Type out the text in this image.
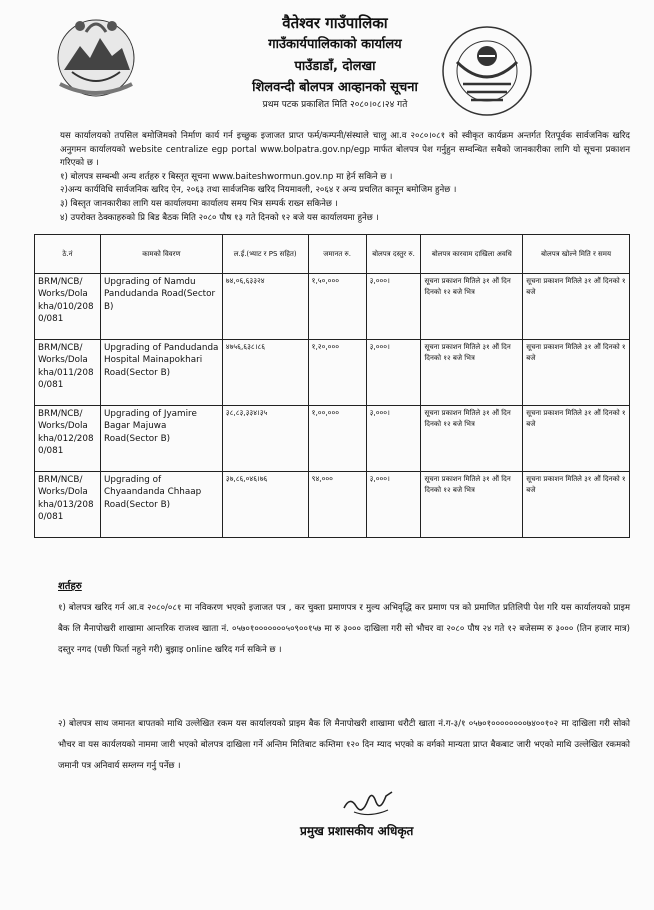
वैतेश्वर गाउँपालिका
गाउँकार्यपालिकाको कार्यालय
पाउँडाडाँ, दोलखा
शिलवन्दी बोलपत्र आव्हानको सूचना
प्रथम पटक प्रकाशित मिति २०८०।०८।२४ गते

यस कार्यालयको तपसिल बमोजिमको निर्माण कार्य गर्न इच्छुक इजाजत प्राप्त फर्म/कम्पनी/संस्थाले चालु आ.व २०८०।०८१ को स्वीकृत कार्यक्रम अन्तर्गत रितपूर्वक सार्वजनिक खरिद अनुगमन कार्यालयको website centralize egp portal www.bolpatra.gov.np/egp मार्फत बोलपत्र पेश गर्नुहुन सम्वन्धित सबैको जानकारीका लागि यो सूचना प्रकाशन गरिएको छ ।

१) बोलपत्र सम्बन्धी अन्य शर्तहरु र बिस्तृत सूचना www.baiteshwormun.gov.np मा हेर्न सकिने छ ।

२)अन्य कार्यविधि सार्वजनिक खरिद ऐन, २०६३ तथा सार्वजनिक खरिद नियमावली, २०६४ र अन्य प्रचलित कानून बमोजिम हुनेछ ।

३) बिस्तृत जानकारीका लागि यस कार्यालयमा कार्यालय समय भित्र सम्पर्क राख्न सकिनेछ ।

४) उपरोक्त ठेक्काहरुको प्रि बिड बैठक मिति २०८० पौष १३ गते दिनको १२ बजे यस कार्यालयमा हुनेछ ।

ठे.नं	कामको विवरण	ल.ई.(भ्याट र PS सहित)	जमानत रु.	बोलपत्र दस्तुर रु.	बोलपत्र कारवाम दाखिला अवधि	बोलपत्र खोल्ने मिति र समय
BRM/NCB/ Works/Dola kha/010/208 0/081	Upgrading of Namdu Pandudanda Road(Sector B)	७४,०६,६३३२४	१,५०,०००	३,०००।	सूचना प्रकाशन मितिले ३१ औं दिन दिनको १२ बजे भित्र	सूचना प्रकाशन मितिले ३१ औं दिनको १ बजे
BRM/NCB/ Works/Dola kha/011/208 0/081	Upgrading of Pandudanda Hospital Mainapokhari Road(Sector B)	४७५६,६३८।८६	१,२०,०००	३,०००।	सूचना प्रकाशन मितिले ३१ औं दिन दिनको १२ बजे भित्र	सूचना प्रकाशन मितिले ३१ औं दिनको १ बजे
BRM/NCB/ Works/Dola kha/012/208 0/081	Upgrading of Jyamire Bagar Majuwa Road(Sector B)	३८,८३,३३४।३५	१,००,०००	३,०००।	सूचना प्रकाशन मितिले ३१ औं दिन दिनको १२ बजे भित्र	सूचना प्रकाशन मितिले ३१ औं दिनको १ बजे
BRM/NCB/ Works/Dola kha/013/208 0/081	Upgrading of Chyaandanda Chhaap Road(Sector B)	३७,८६,०४६।७६	९४,०००	३,०००।	सूचना प्रकाशन मितिले ३१ औं दिन दिनको १२ बजे भित्र	सूचना प्रकाशन मितिले ३१ औं दिनको १ बजे
शर्तहरु
१) बोलपत्र खरिद गर्न आ.व २०८०/०८१ मा नविकरण भएको इजाजत पत्र , कर चुक्ता प्रमाणपत्र र मुल्य अभिवृद्धि कर प्रमाण पत्र को प्रमाणित प्रतिलिपी पेश गरि यस कार्यालयको प्राइम बैक लि मैनापोखरी शाखामा आन्तरिक राजश्व खाता नं. ०५७०१०००००००५०९००१५७ मा रु ३००० दाखिला गरी सो भौचर वा २०८० पौष २४ गते १२ बजेसम्म रु ३००० (तिन हजार मात्र) दस्तुर नगद (पछी फिर्ता नहुने गरी) बुझाइ online खरिद गर्न सकिने छ ।
२) बोलपत्र साथ जमानत बापतको माथि उल्लेखित रकम यस कार्यालयको प्राइम बैक लि मैनापोखरी शाखामा धरौटी खाता नं.ग-३/१ ०५७०१००००००००७४००१०२ मा दाखिला गरी सोको भौचर वा यस कार्यलयको नाममा जारी भएको बोलपत्र दाखिला गर्ने अन्तिम मितिबाट कम्तिमा १२० दिन म्याद भएको क वर्गको मान्यता प्राप्त बैकबाट जारी भएको माथि उल्लेखित रकमको जमानी पत्र अनिवार्य सम्लग्न गर्नु पर्नेछ ।
प्रमुख प्रशासकीय अधिकृत
